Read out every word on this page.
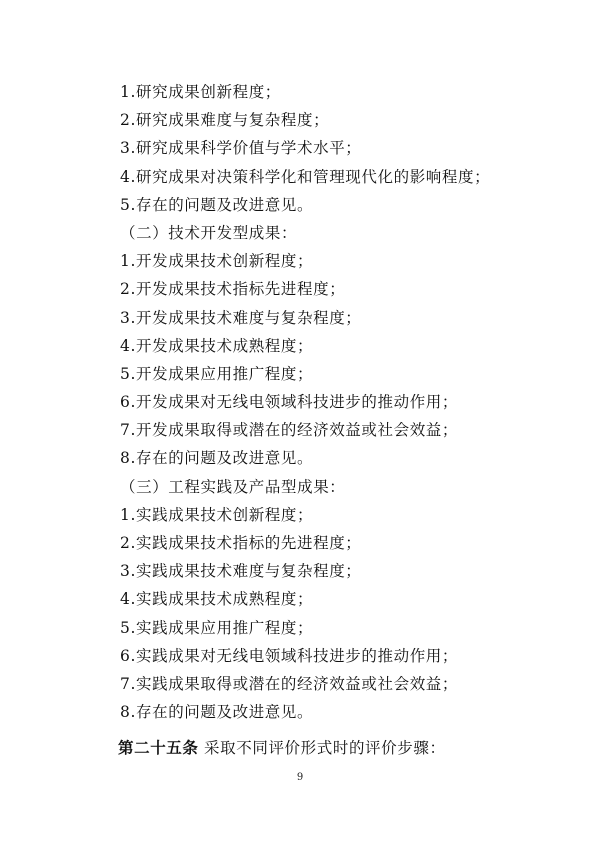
1.研究成果创新程度；
2.研究成果难度与复杂程度；
3.研究成果科学价值与学术水平；
4.研究成果对决策科学化和管理现代化的影响程度；
5.存在的问题及改进意见。
（二）技术开发型成果：
1.开发成果技术创新程度；
2.开发成果技术指标先进程度；
3.开发成果技术难度与复杂程度；
4.开发成果技术成熟程度；
5.开发成果应用推广程度；
6.开发成果对无线电领域科技进步的推动作用；
7.开发成果取得或潜在的经济效益或社会效益；
8.存在的问题及改进意见。
（三）工程实践及产品型成果：
1.实践成果技术创新程度；
2.实践成果技术指标的先进程度；
3.实践成果技术难度与复杂程度；
4.实践成果技术成熟程度；
5.实践成果应用推广程度；
6.实践成果对无线电领域科技进步的推动作用；
7.实践成果取得或潜在的经济效益或社会效益；
8.存在的问题及改进意见。
第二十五条 采取不同评价形式时的评价步骤：
9
